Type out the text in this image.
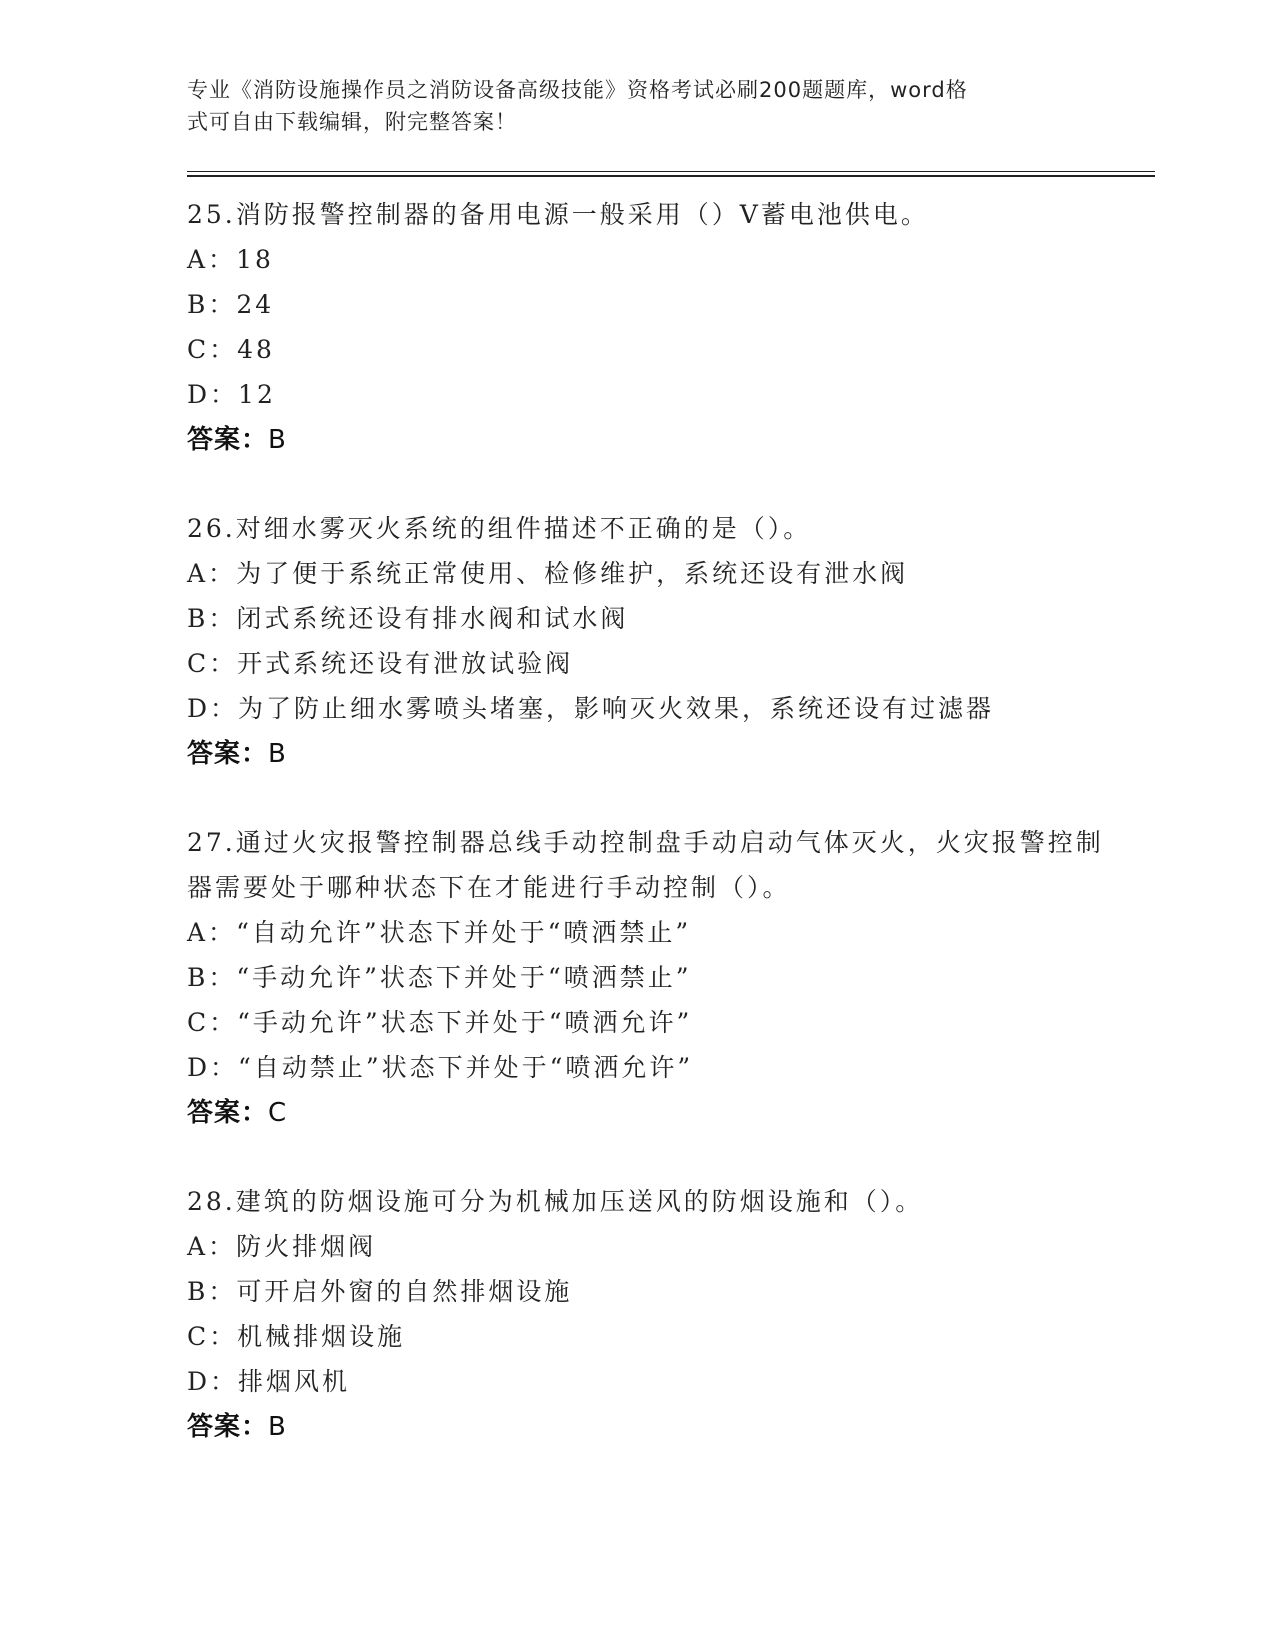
专业《消防设施操作员之消防设备高级技能》资格考试必刷200题题库，word格
式可自由下载编辑，附完整答案！

25.消防报警控制器的备用电源一般采用（）V蓄电池供电。

A： 18
B： 24
C： 48
D： 12
答案：B

26.对细水雾灭火系统的组件描述不正确的是（）。

A： 为了便于系统正常使用、检修维护，系统还设有泄水阀
B： 闭式系统还设有排水阀和试水阀
C： 开式系统还设有泄放试验阀
D： 为了防止细水雾喷头堵塞，影响灭火效果，系统还设有过滤器
答案：B

27.通过火灾报警控制器总线手动控制盘手动启动气体灭火，火灾报警控制器需要处于哪种状态下在才能进行手动控制（）。

A： “自动允许”状态下并处于“喷洒禁止”
B： “手动允许”状态下并处于“喷洒禁止”
C： “手动允许”状态下并处于“喷洒允许”
D： “自动禁止”状态下并处于“喷洒允许”
答案：C

28.建筑的防烟设施可分为机械加压送风的防烟设施和（）。

A： 防火排烟阀
B： 可开启外窗的自然排烟设施
C： 机械排烟设施
D： 排烟风机
答案：B
